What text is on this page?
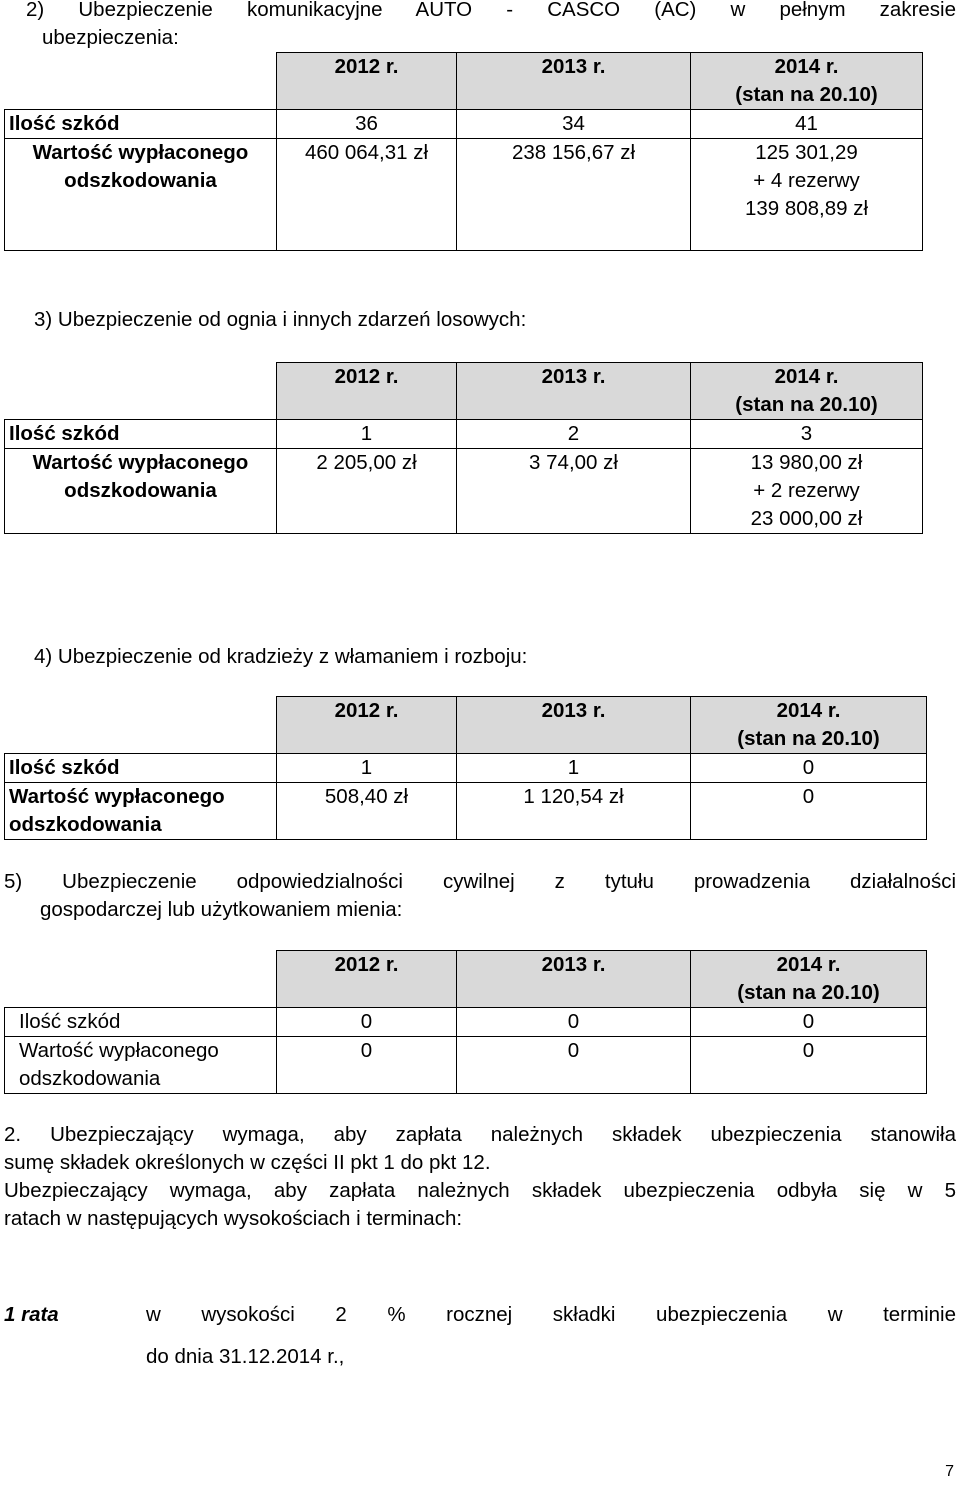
2) Ubezpieczenie komunikacyjne AUTO - CASCO (AC) w pełnym zakresie
ubezpieczenia:
	2012 r.	2013 r.	2014 r.
(stan na 20.10)
Ilość szkód	36	34	41
Wartość wypłaconego
odszkodowania	460 064,31 zł	238 156,67 zł	125 301,29
+ 4 rezerwy
139 808,89 zł
3) Ubezpieczenie od ognia i innych zdarzeń losowych:
	2012 r.	2013 r.	2014 r.
(stan na 20.10)
Ilość szkód	1	2	3
Wartość wypłaconego
odszkodowania	2 205,00 zł	3 74,00 zł	13 980,00 zł
+ 2 rezerwy
23 000,00 zł
4) Ubezpieczenie od kradzieży z włamaniem i rozboju:
	2012 r.	2013 r.	2014 r.
(stan na 20.10)
Ilość szkód	1	1	0
Wartość wypłaconego
odszkodowania	508,40 zł	1 120,54 zł	0
5) Ubezpieczenie odpowiedzialności cywilnej z tytułu prowadzenia działalności
gospodarczej lub użytkowaniem mienia:
	2012 r.	2013 r.	2014 r.
(stan na 20.10)
Ilość szkód	0	0	0
Wartość wypłaconego
odszkodowania	0	0	0
2. Ubezpieczający wymaga, aby zapłata należnych składek ubezpieczenia stanowiła
sumę składek określonych w części II pkt 1 do pkt 12.
Ubezpieczający wymaga, aby zapłata należnych składek ubezpieczenia odbyła się w 5
ratach w następujących wysokościach i terminach:
1 rata	w wysokości 2 % rocznej składki ubezpieczenia w terminie
do dnia 31.12.2014 r.,
7
